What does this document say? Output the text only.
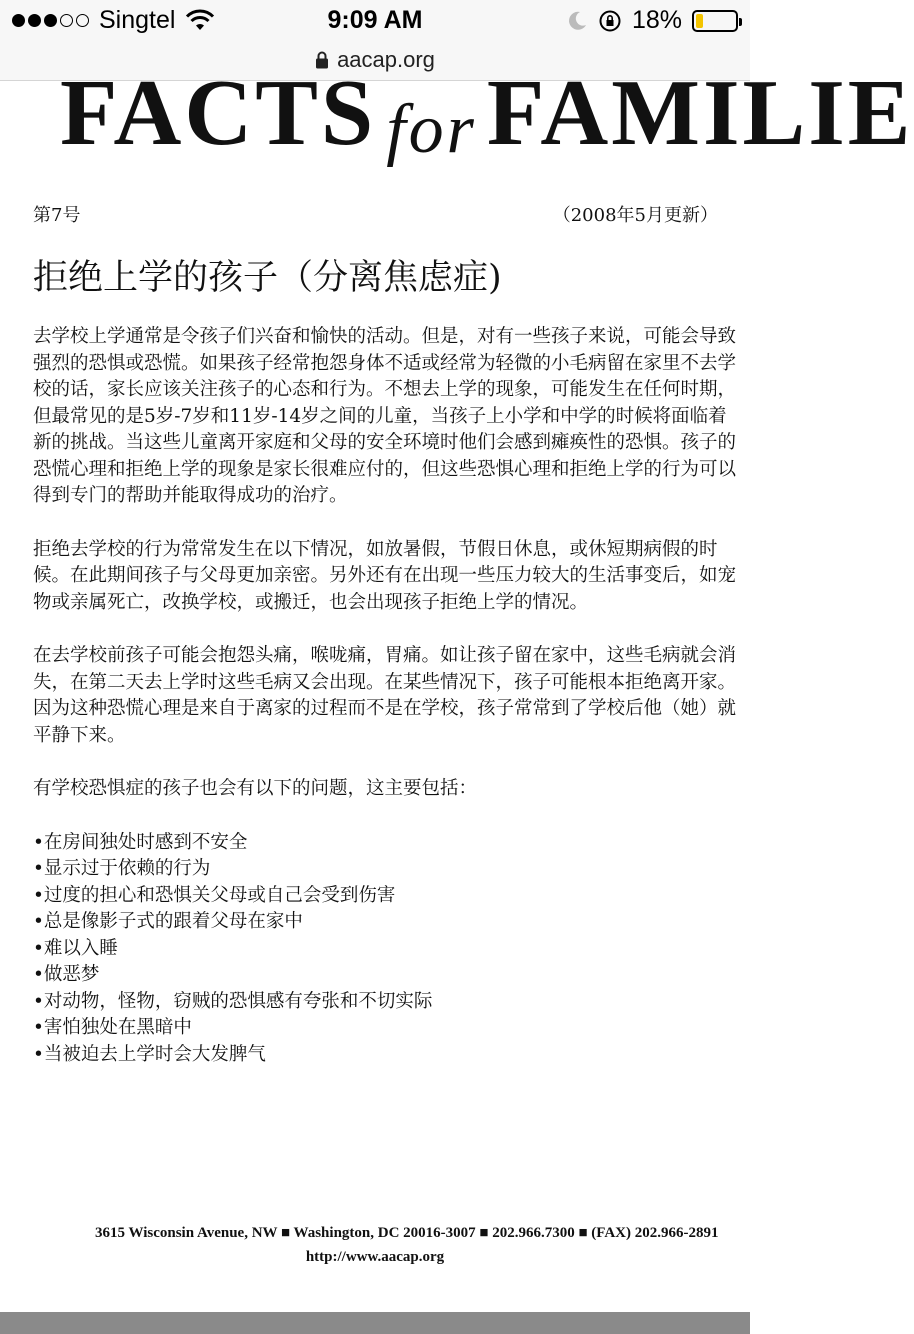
Singtel	9:09 AM	18%
aacap.org
FACTS for FAMILIE
第7号	（2008年5月更新）
拒绝上学的孩子（分离焦虑症)

去学校上学通常是令孩子们兴奋和愉快的活动。但是，对有一些孩子来说，可能会导致强烈的恐惧或恐慌。如果孩子经常抱怨身体不适或经常为轻微的小毛病留在家里不去学校的话，家长应该关注孩子的心态和行为。不想去上学的现象，可能发生在任何时期，但最常见的是5岁-7岁和11岁-14岁之间的儿童，当孩子上小学和中学的时候将面临着新的挑战。当这些儿童离开家庭和父母的安全环境时他们会感到瘫痪性的恐惧。孩子的恐慌心理和拒绝上学的现象是家长很难应付的，但这些恐惧心理和拒绝上学的行为可以得到专门的帮助并能取得成功的治疗。

拒绝去学校的行为常常发生在以下情况，如放暑假，节假日休息，或休短期病假的时候。在此期间孩子与父母更加亲密。另外还有在出现一些压力较大的生活事变后，如宠物或亲属死亡，改换学校，或搬迁，也会出现孩子拒绝上学的情况。

在去学校前孩子可能会抱怨头痛，喉咙痛，胃痛。如让孩子留在家中，这些毛病就会消失，在第二天去上学时这些毛病又会出现。在某些情况下，孩子可能根本拒绝离开家。因为这种恐慌心理是来自于离家的过程而不是在学校，孩子常常到了学校后他（她）就平静下来。

有学校恐惧症的孩子也会有以下的问题，这主要包括：

•在房间独处时感到不安全
•显示过于依赖的行为
•过度的担心和恐惧关父母或自己会受到伤害
•总是像影子式的跟着父母在家中
•难以入睡
•做恶梦
•对动物，怪物，窃贼的恐惧感有夸张和不切实际
•害怕独处在黑暗中
•当被迫去上学时会大发脾气
3615 Wisconsin Avenue, NW ■ Washington, DC 20016-3007 ■ 202.966.7300 ■ (FAX) 202.966-2891
http://www.aacap.org
